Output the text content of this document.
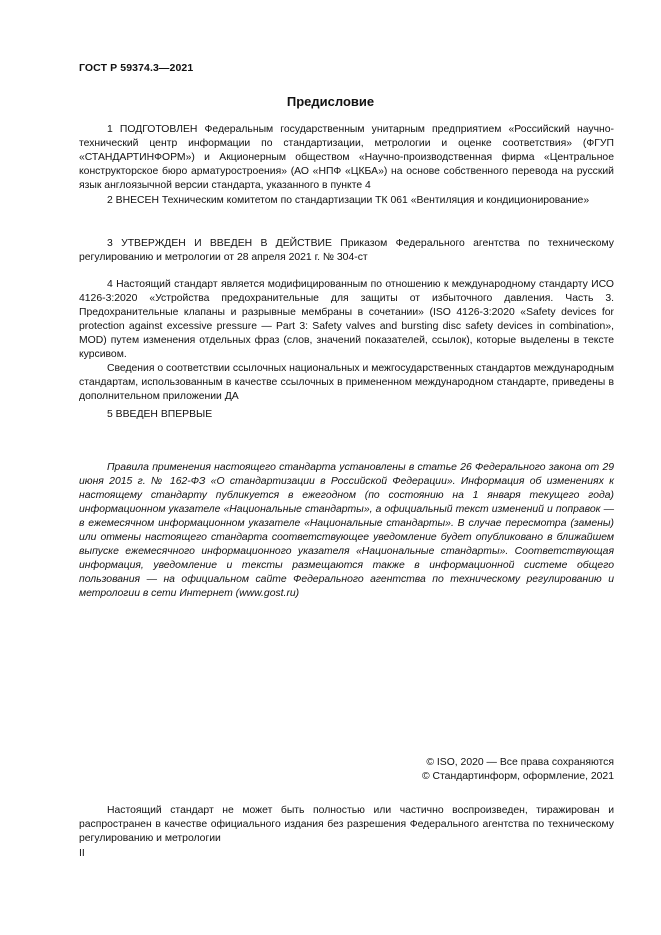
ГОСТ Р 59374.3—2021
Предисловие
1 ПОДГОТОВЛЕН Федеральным государственным унитарным предприятием «Российский научно-технический центр информации по стандартизации, метрологии и оценке соответствия» (ФГУП «СТАНДАРТИНФОРМ») и Акционерным обществом «Научно-производственная фирма «Центральное конструкторское бюро арматуростроения» (АО «НПФ «ЦКБА») на основе собственного перевода на русский язык англоязычной версии стандарта, указанного в пункте 4
2 ВНЕСЕН Техническим комитетом по стандартизации ТК 061 «Вентиляция и кондиционирование»
3 УТВЕРЖДЕН И ВВЕДЕН В ДЕЙСТВИЕ Приказом Федерального агентства по техническому регулированию и метрологии от 28 апреля 2021 г. № 304-ст

4 Настоящий стандарт является модифицированным по отношению к международному стандарту ИСО 4126-3:2020 «Устройства предохранительные для защиты от избыточного давления. Часть 3. Предохранительные клапаны и разрывные мембраны в сочетании» (ISO 4126-3:2020 «Safety devices for protection against excessive pressure — Part 3: Safety valves and bursting disc safety devices in combination», MOD) путем изменения отдельных фраз (слов, значений показателей, ссылок), которые выделены в тексте курсивом.

Сведения о соответствии ссылочных национальных и межгосударственных стандартов международным стандартам, использованным в качестве ссылочных в примененном международном стандарте, приведены в дополнительном приложении ДА

5 ВВЕДЕН ВПЕРВЫЕ
Правила применения настоящего стандарта установлены в статье 26 Федерального закона от 29 июня 2015 г. № 162-ФЗ «О стандартизации в Российской Федерации». Информация об изменениях к настоящему стандарту публикуется в ежегодном (по состоянию на 1 января текущего года) информационном указателе «Национальные стандарты», а официальный текст изменений и поправок — в ежемесячном информационном указателе «Национальные стандарты». В случае пересмотра (замены) или отмены настоящего стандарта соответствующее уведомление будет опубликовано в ближайшем выпуске ежемесячного информационного указателя «Национальные стандарты». Соответствующая информация, уведомление и тексты размещаются также в информационной системе общего пользования — на официальном сайте Федерального агентства по техническому регулированию и метрологии в сети Интернет (www.gost.ru)
© ISO, 2020 — Все права сохраняются
© Стандартинформ, оформление, 2021
Настоящий стандарт не может быть полностью или частично воспроизведен, тиражирован и распространен в качестве официального издания без разрешения Федерального агентства по техническому регулированию и метрологии
II
